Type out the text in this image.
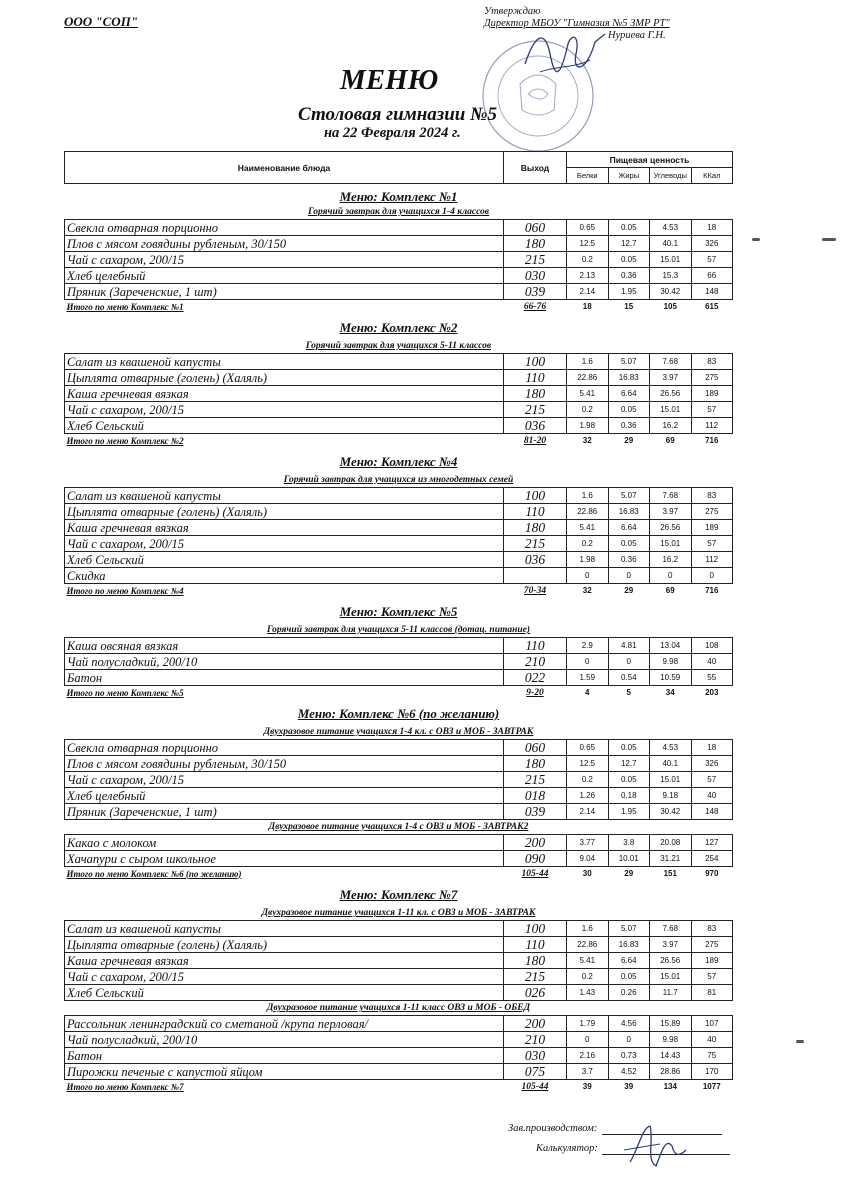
ООО "СОП"
Утверждаю
Директор МБОУ "Гимназия №5 ЗМР РТ"
Нуриева Г.Н.
МЕНЮ
Столовая гимназии №5
на 22 Февраля 2024 г.
Наименование блюда	Выход	Пищевая ценность			
		Белки	Жиры	Углеводы	ККал
Меню: Комплекс №1					
Горячий завтрак для учащихся 1-4 классов					
Свекла отварная порционно	060	0.65	0.05	4.53	18
Плов с мясом говядины рубленым, 30/150	180	12.5	12.7	40.1	326
Чай с сахаром, 200/15	215	0.2	0.05	15.01	57
Хлеб целебный	030	2.13	0.36	15.3	66
Пряник (Зареченские, 1 шт)	039	2.14	1.95	30.42	148
Итого по меню Комплекс №1	66-76	18	15	105	615
Меню: Комплекс №2					
Горячий завтрак для учащихся 5-11 классов					
Салат из квашеной капусты	100	1.6	5.07	7.68	83
Цыплята отварные (голень) (Халяль)	110	22.86	16.83	3.97	275
Каша гречневая вязкая	180	5.41	6.64	26.56	189
Чай с сахаром, 200/15	215	0.2	0.05	15.01	57
Хлеб Сельский	036	1.98	0.36	16.2	112
Итого по меню Комплекс №2	81-20	32	29	69	716
Меню: Комплекс №4					
Горячий завтрак для учащихся из многодетных семей					
Салат из квашеной капусты	100	1.6	5.07	7.68	83
Цыплята отварные (голень) (Халяль)	110	22.86	16.83	3.97	275
Каша гречневая вязкая	180	5.41	6.64	26.56	189
Чай с сахаром, 200/15	215	0.2	0.05	15.01	57
Хлеб Сельский	036	1.98	0.36	16.2	112
Скидка		0	0	0	0
Итого по меню Комплекс №4	70-34	32	29	69	716
Меню: Комплекс №5					
Горячий завтрак для учащихся 5-11 классов (дотац. питание)					
Каша овсяная вязкая	110	2.9	4.81	13.04	108
Чай полусладкий, 200/10	210	0	0	9.98	40
Батон	022	1.59	0.54	10.59	55
Итого по меню Комплекс №5	9-20	4	5	34	203
Меню: Комплекс №6 (по желанию)					
Двухразовое питание учащихся 1-4 кл. с ОВЗ и МОБ - ЗАВТРАК					
Свекла отварная порционно	060	0.65	0.05	4.53	18
Плов с мясом говядины рубленым, 30/150	180	12.5	12.7	40.1	326
Чай с сахаром, 200/15	215	0.2	0.05	15.01	57
Хлеб целебный	018	1.26	0.18	9.18	40
Пряник (Зареченские, 1 шт)	039	2.14	1.95	30.42	148
Двухразовое питание учащихся 1-4 с ОВЗ и МОБ - ЗАВТРАК2					
Какао с молоком	200	3.77	3.8	20.08	127
Хачапури с сыром школьное	090	9.04	10.01	31.21	254
Итого по меню Комплекс №6 (по желанию)	105-44	30	29	151	970
Меню: Комплекс №7					
Двухразовое питание учащихся 1-11 кл. с ОВЗ и МОБ - ЗАВТРАК					
Салат из квашеной капусты	100	1.6	5.07	7.68	83
Цыплята отварные (голень) (Халяль)	110	22.86	16.83	3.97	275
Каша гречневая вязкая	180	5.41	6.64	26.56	189
Чай с сахаром, 200/15	215	0.2	0.05	15.01	57
Хлеб Сельский	026	1.43	0.26	11.7	81
Двухразовое питание учащихся 1-11 класс ОВЗ и МОБ - ОБЕД					
Рассольник ленинградский со сметаной /крупа перловая/	200	1.79	4.56	15.89	107
Чай полусладкий, 200/10	210	0	0	9.98	40
Батон	030	2.16	0.73	14.43	75
Пирожки печеные с капустой яйцом	075	3.7	4.52	28.86	170
Итого по меню Комплекс №7	105-44	39	39	134	1077
Зав.производством:
Калькулятор:
